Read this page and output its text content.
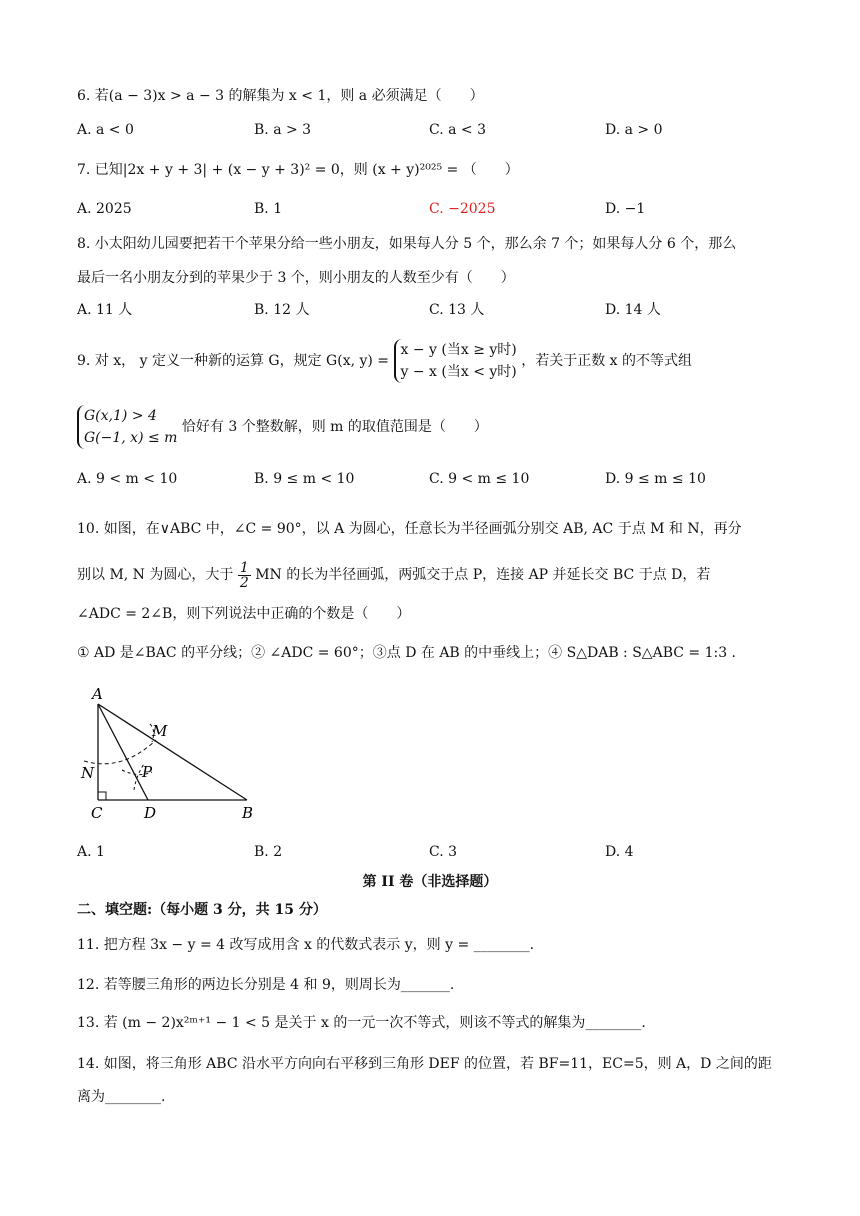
6. 若(a − 3)x > a − 3 的解集为 x < 1，则 a 必须满足（　　）
A. a < 0	B. a > 3	C. a < 3	D. a > 0
7. 已知|2x + y + 3| + (x − y + 3)² = 0，则 (x + y)²⁰²⁵ = （　　）
A. 2025	B. 1	C. −2025	D. −1
8. 小太阳幼儿园要把若干个苹果分给一些小朋友，如果每人分 5 个，那么余 7 个；如果每人分 6 个，那么
最后一名小朋友分到的苹果少于 3 个，则小朋友的人数至少有（　　）
A. 11 人	B. 12 人	C. 13 人	D. 14 人
9. 对 x， y 定义一种新的运算 G，规定 G(x, y) =
x − y (当x ≥ y时)
y − x (当x < y时)
，若关于正数 x 的不等式组
G(x,1) > 4
G(−1, x) ≤ m
恰好有 3 个整数解，则 m 的取值范围是（　　）
A. 9 < m < 10	B. 9 ≤ m < 10	C. 9 < m ≤ 10	D. 9 ≤ m ≤ 10
10. 如图，在∨ABC 中，∠C = 90°，以 A 为圆心，任意长为半径画弧分别交 AB, AC 于点 M 和 N，再分
别以 M, N 为圆心，大于 $\frac{1}{2}$ MN 的长为半径画弧，两弧交于点 P，连接 AP 并延长交 BC 于点 D，若
∠ADC = 2∠B，则下列说法中正确的个数是（　　）
① AD 是∠BAC 的平分线；② ∠ADC = 60°；③点 D 在 AB 的中垂线上；④ S△DAB : S△ABC = 1:3 .
A
M
N	P
C	D	B
A. 1	B. 2	C. 3	D. 4
第 II 卷（非选择题）
二、填空题:（每小题 3 分，共 15 分）
11. 把方程 3x − y = 4 改写成用含 x 的代数式表示 y，则 y = ________.
12. 若等腰三角形的两边长分别是 4 和 9，则周长为_______.
13. 若 (m − 2)x²ᵐ⁺¹ − 1 < 5 是关于 x 的一元一次不等式，则该不等式的解集为________.
14. 如图，将三角形 ABC 沿水平方向向右平移到三角形 DEF 的位置，若 BF=11，EC=5，则 A，D 之间的距
离为________.
